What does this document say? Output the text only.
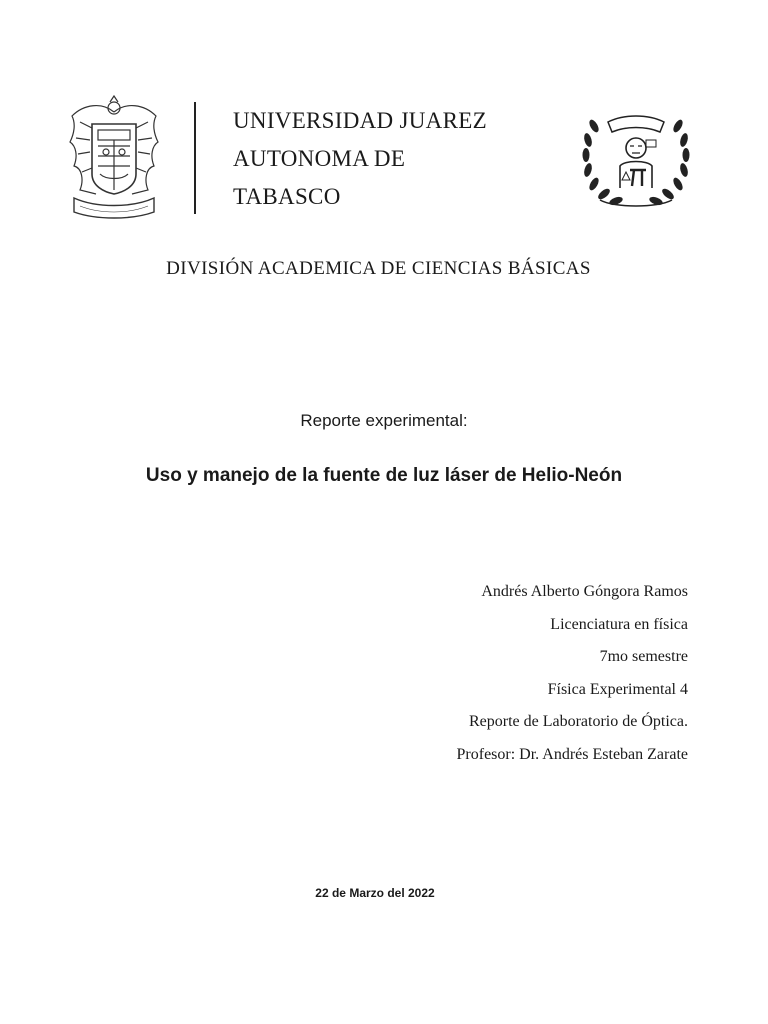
UNIVERSIDAD JUAREZ
AUTONOMA DE
TABASCO
DIVISIÓN ACADEMICA DE CIENCIAS BÁSICAS
Reporte experimental:
Uso y manejo de la fuente de luz láser de Helio-Neón
Andrés Alberto Góngora Ramos
Licenciatura en física
7mo semestre
Física Experimental 4
Reporte de Laboratorio de Óptica.
Profesor: Dr. Andrés Esteban Zarate
22 de Marzo del 2022
